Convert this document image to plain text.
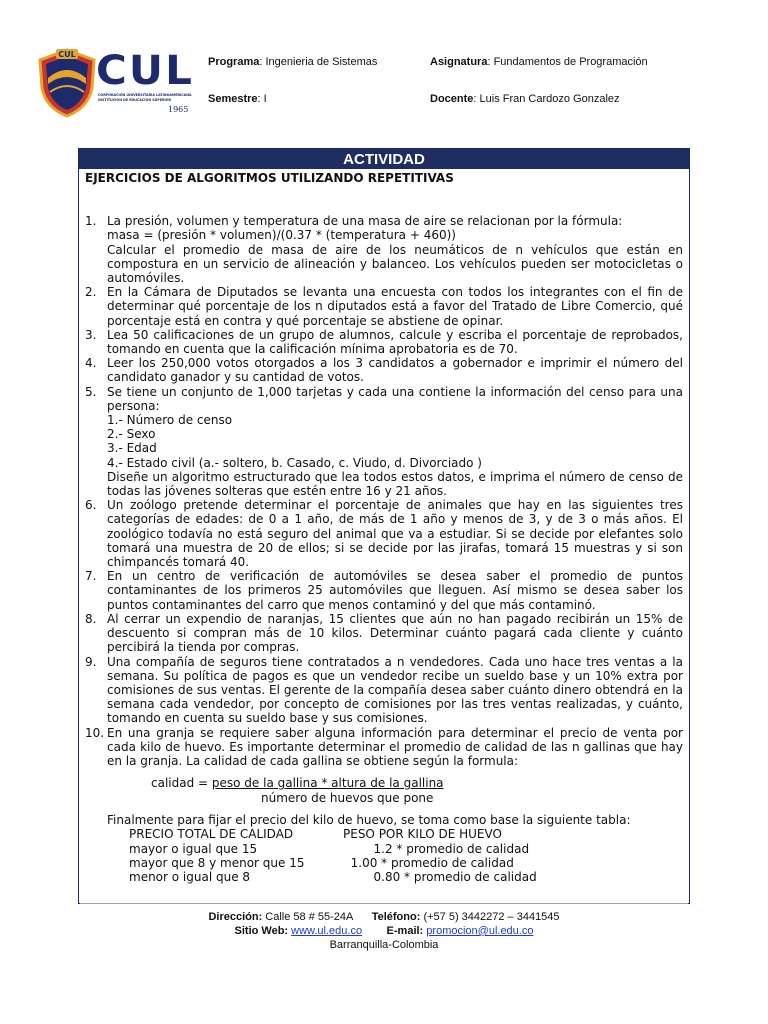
CUL CUL
CORPORACIÓN UNIVERSITARIA LATINOAMERICANA
INSTITUCIÓN DE EDUCACIÓN SUPERIOR
1965
Programa: Ingenieria de Sistemas	Asignatura: Fundamentos de Programación
Semestre: I	Docente: Luis Fran Cardozo Gonzalez
ACTIVIDAD
EJERCICIOS DE ALGORITMOS UTILIZANDO REPETITIVAS
1. La presión, volumen y temperatura de una masa de aire se relacionan por la fórmula:
masa = (presión * volumen)/(0.37 * (temperatura + 460))
Calcular el promedio de masa de aire de los neumáticos de n vehículos que están en compostura en un servicio de alineación y balanceo. Los vehículos pueden ser motocicletas o automóviles.
2. En la Cámara de Diputados se levanta una encuesta con todos los integrantes con el fin de determinar qué porcentaje de los n diputados está a favor del Tratado de Libre Comercio, qué porcentaje está en contra y qué porcentaje se abstiene de opinar.
3. Lea 50 calificaciones de un grupo de alumnos, calcule y escriba el porcentaje de reprobados, tomando en cuenta que la calificación mínima aprobatoria es de 70.
4. Leer los 250,000 votos otorgados a los 3 candidatos a gobernador e imprimir el número del candidato ganador y su cantidad de votos.
5. Se tiene un conjunto de 1,000 tarjetas y cada una contiene la información del censo para una persona:
1.- Número de censo
2.- Sexo
3.- Edad
4.- Estado civil (a.- soltero, b. Casado, c. Viudo, d. Divorciado )
Diseñe un algoritmo estructurado que lea todos estos datos, e imprima el número de censo de todas las jóvenes solteras que estén entre 16 y 21 años.
6. Un zoólogo pretende determinar el porcentaje de animales que hay en las siguientes tres categorías de edades: de 0 a 1 año, de más de 1 año y menos de 3, y de 3 o más años. El zoológico todavía no está seguro del animal que va a estudiar. Si se decide por elefantes solo tomará una muestra de 20 de ellos; si se decide por las jirafas, tomará 15 muestras y si son chimpancés tomará 40.
7. En un centro de verificación de automóviles se desea saber el promedio de puntos contaminantes de los primeros 25 automóviles que lleguen. Así mismo se desea saber los puntos contaminantes del carro que menos contaminó y del que más contaminó.
8. Al cerrar un expendio de naranjas, 15 clientes que aún no han pagado recibirán un 15% de descuento si compran más de 10 kilos. Determinar cuánto pagará cada cliente y cuánto percibirá la tienda por compras.
9. Una compañía de seguros tiene contratados a n vendedores. Cada uno hace tres ventas a la semana. Su política de pagos es que un vendedor recibe un sueldo base y un 10% extra por comisiones de sus ventas. El gerente de la compañía desea saber cuánto dinero obtendrá en la semana cada vendedor, por concepto de comisiones por las tres ventas realizadas, y cuánto, tomando en cuenta su sueldo base y sus comisiones.
10. En una granja se requiere saber alguna información para determinar el precio de venta por cada kilo de huevo. Es importante determinar el promedio de calidad de las n gallinas que hay en la granja. La calidad de cada gallina se obtiene según la formula:
calidad = peso de la gallina * altura de la gallina
número de huevos que pone
Finalmente para fijar el precio del kilo de huevo, se toma como base la siguiente tabla:
PRECIO TOTAL DE CALIDAD	PESO POR KILO DE HUEVO
mayor o igual que 15	1.2 * promedio de calidad
mayor que 8 y menor que 15	1.00 * promedio de calidad
menor o igual que 8	0.80 * promedio de calidad
Dirección: Calle 58 # 55-24A Teléfono: (+57 5) 3442272 – 3441545
Sitio Web: www.ul.edu.co E-mail: promocion@ul.edu.co
Barranquilla-Colombia
